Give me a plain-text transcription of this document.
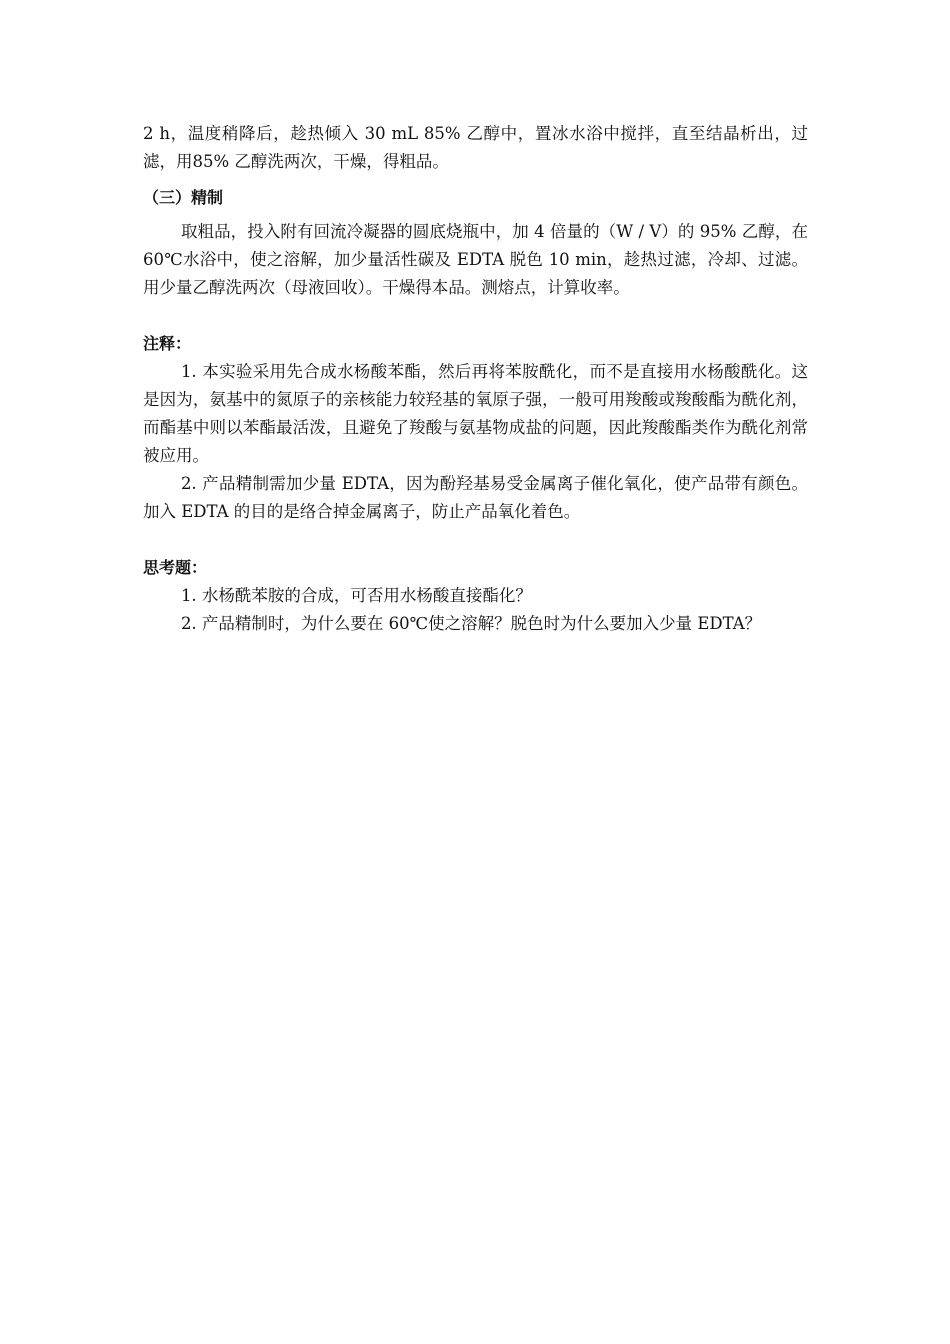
2 h，温度稍降后，趁热倾入 30 mL 85% 乙醇中，置冰水浴中搅拌，直至结晶析出，过滤，用85% 乙醇洗两次，干燥，得粗品。

（三）精制

取粗品，投入附有回流冷凝器的圆底烧瓶中，加 4 倍量的（W / V）的 95% 乙醇，在 60℃水浴中，使之溶解，加少量活性碳及 EDTA 脱色 10 min，趁热过滤，冷却、过滤。用少量乙醇洗两次（母液回收）。干燥得本品。测熔点，计算收率。

注释：

1. 本实验采用先合成水杨酸苯酯，然后再将苯胺酰化，而不是直接用水杨酸酰化。这是因为，氨基中的氮原子的亲核能力较羟基的氧原子强，一般可用羧酸或羧酸酯为酰化剂，而酯基中则以苯酯最活泼，且避免了羧酸与氨基物成盐的问题，因此羧酸酯类作为酰化剂常被应用。

2. 产品精制需加少量 EDTA，因为酚羟基易受金属离子催化氧化，使产品带有颜色。加入 EDTA 的目的是络合掉金属离子，防止产品氧化着色。

思考题：

1. 水杨酰苯胺的合成，可否用水杨酸直接酯化？

2. 产品精制时，为什么要在 60℃使之溶解？脱色时为什么要加入少量 EDTA？
